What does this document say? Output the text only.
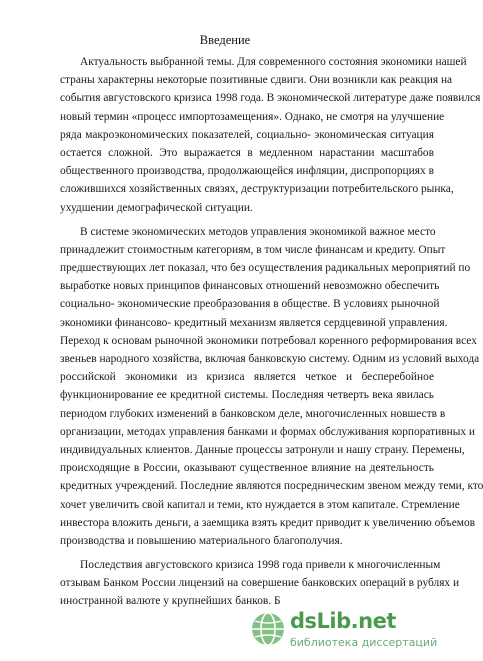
Введение
Актуальность выбранной темы. Для современного состояния экономики нашей
страны характерны некоторые позитивные сдвиги. Они возникли как реакция на
события августовского кризиса 1998 года. В экономической литературе даже появился
новый термин «процесс импортозамещения». Однако, не смотря на улучшение
ряда макроэкономических показателей, социально- экономическая ситуация
остается сложной. Это выражается в медленном нарастании масштабов
общественного производства, продолжающейся инфляции, диспропорциях в
сложившихся хозяйственных связях, деструктуризации потребительского рынка,
ухудшении демографической ситуации.
В системе экономических методов управления экономикой важное место
принадлежит стоимостным категориям, в том числе финансам и кредиту. Опыт
предшествующих лет показал, что без осуществления радикальных мероприятий по
выработке новых принципов финансовых отношений невозможно обеспечить
социально- экономические преобразования в обществе. В условиях рыночной
экономики финансово- кредитный механизм является сердцевиной управления.
Переход к основам рыночной экономики потребовал коренного реформирования всех
звеньев народного хозяйства, включая банковскую систему. Одним из условий выхода
российской экономики из кризиса является четкое и бесперебойное
функционирование ее кредитной системы. Последняя четверть века явилась
периодом глубоких изменений в банковском деле, многочисленных новшеств в
организации, методах управления банками и формах обслуживания корпоративных и
индивидуальных клиентов. Данные процессы затронули и нашу страну. Перемены,
происходящие в России, оказывают существенное влияние на деятельность
кредитных учреждений. Последние являются посредническим звеном между теми, кто
хочет увеличить свой капитал и теми, кто нуждается в этом капитале. Стремление
инвестора вложить деньги, а заемщика взять кредит приводит к увеличению объемов
производства и повышению материального благополучия.
Последствия августовского кризиса 1998 года привели к многочисленным
отзывам Банком России лицензий на совершение банковских операций в рублях и
иностранной валюте у крупнейших банков. Б
dsLib.net
библиотека диссертаций
